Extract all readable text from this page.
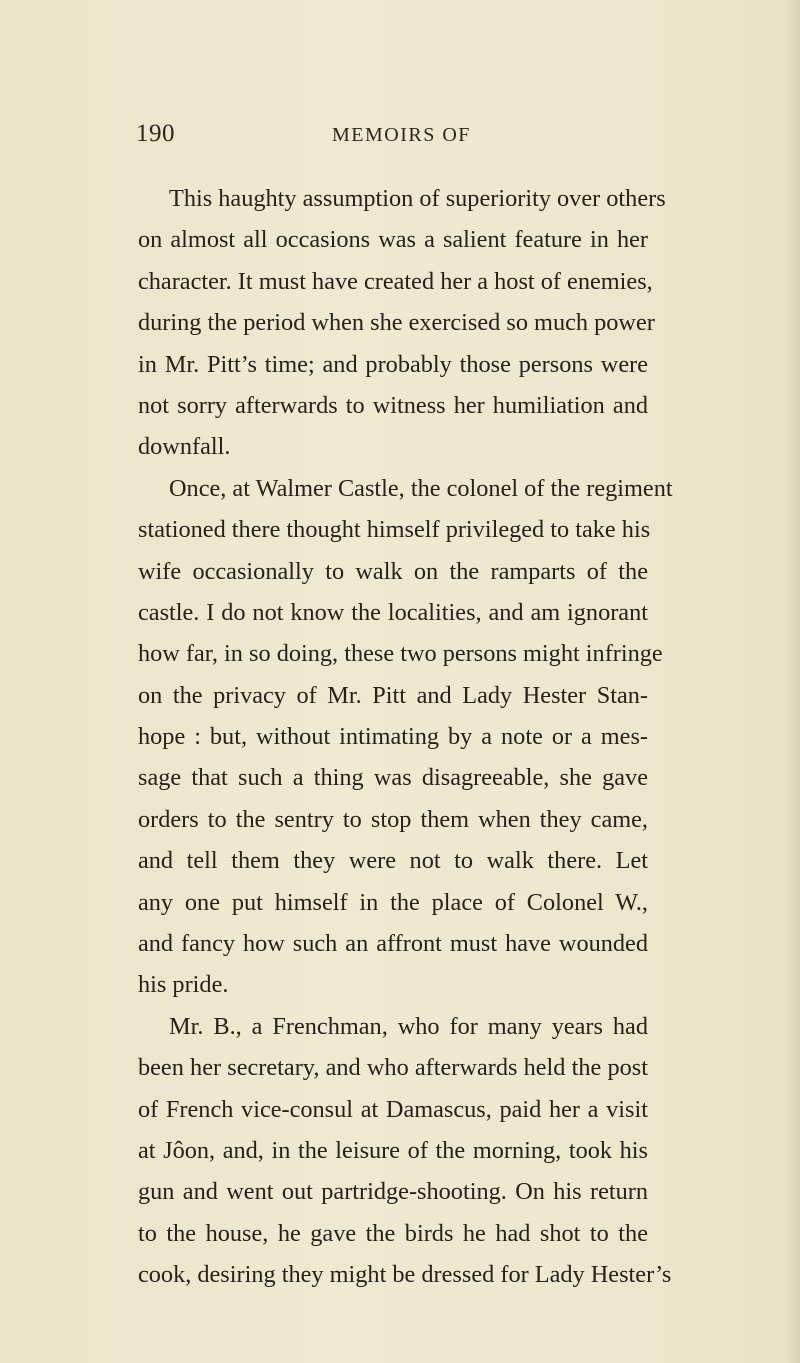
190	MEMOIRS OF
This haughty assumption of superiority over others
on almost all occasions was a salient feature in her
character. It must have created her a host of enemies,
during the period when she exercised so much power
in Mr. Pitt’s time; and probably those persons were
not sorry afterwards to witness her humiliation and
downfall.
Once, at Walmer Castle, the colonel of the regiment
stationed there thought himself privileged to take his
wife occasionally to walk on the ramparts of the
castle. I do not know the localities, and am ignorant
how far, in so doing, these two persons might infringe
on the privacy of Mr. Pitt and Lady Hester Stan-
hope : but, without intimating by a note or a mes-
sage that such a thing was disagreeable, she gave
orders to the sentry to stop them when they came,
and tell them they were not to walk there. Let
any one put himself in the place of Colonel W.,
and fancy how such an affront must have wounded
his pride.
Mr. B., a Frenchman, who for many years had
been her secretary, and who afterwards held the post
of French vice-consul at Damascus, paid her a visit
at Jôon, and, in the leisure of the morning, took his
gun and went out partridge-shooting. On his return
to the house, he gave the birds he had shot to the
cook, desiring they might be dressed for Lady Hester’s
